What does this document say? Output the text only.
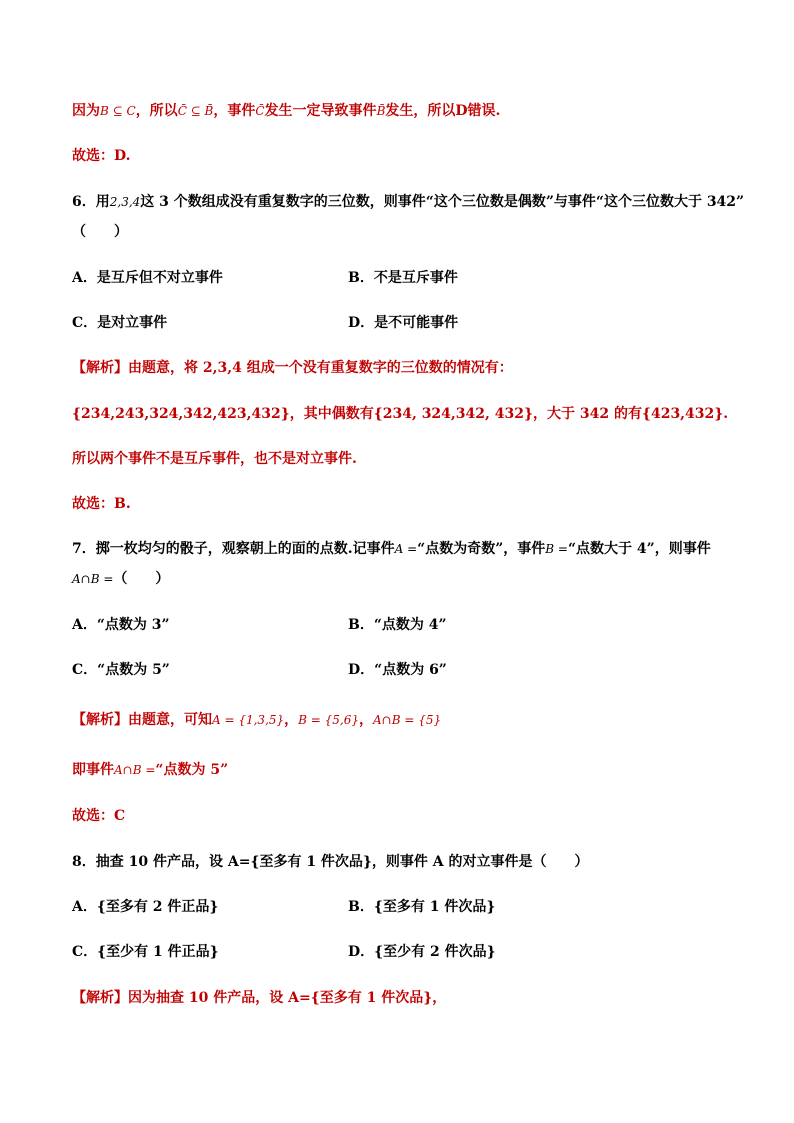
因为B ⊆ C，所以C̄ ⊆ B̄，事件C̄发生一定导致事件B̄发生，所以D错误.
故选：D.
6．用2,3,4这 3 个数组成没有重复数字的三位数，则事件“这个三位数是偶数”与事件“这个三位数大于 342”
（　　）
A．是互斥但不对立事件	B．不是互斥事件
C．是对立事件	D．是不可能事件
【解析】由题意，将 2,3,4 组成一个没有重复数字的三位数的情况有：
{234,243,324,342,423,432}，其中偶数有{234, 324,342, 432}，大于 342 的有{423,432}.
所以两个事件不是互斥事件，也不是对立事件.
故选：B.
7．掷一枚均匀的骰子，观察朝上的面的点数.记事件A =“点数为奇数”，事件B =“点数大于 4”，则事件
A∩B =（　　）
A．“点数为 3”	B．“点数为 4”
C．“点数为 5”	D．“点数为 6”
【解析】由题意，可知A = {1,3,5}，B = {5,6}，A∩B = {5}
即事件A∩B =“点数为 5”
故选：C
8．抽查 10 件产品，设 A={至多有 1 件次品}，则事件 A 的对立事件是（　　）
A．{至多有 2 件正品}	B．{至多有 1 件次品}
C．{至少有 1 件正品}	D．{至少有 2 件次品}
【解析】因为抽查 10 件产品，设 A={至多有 1 件次品}，
